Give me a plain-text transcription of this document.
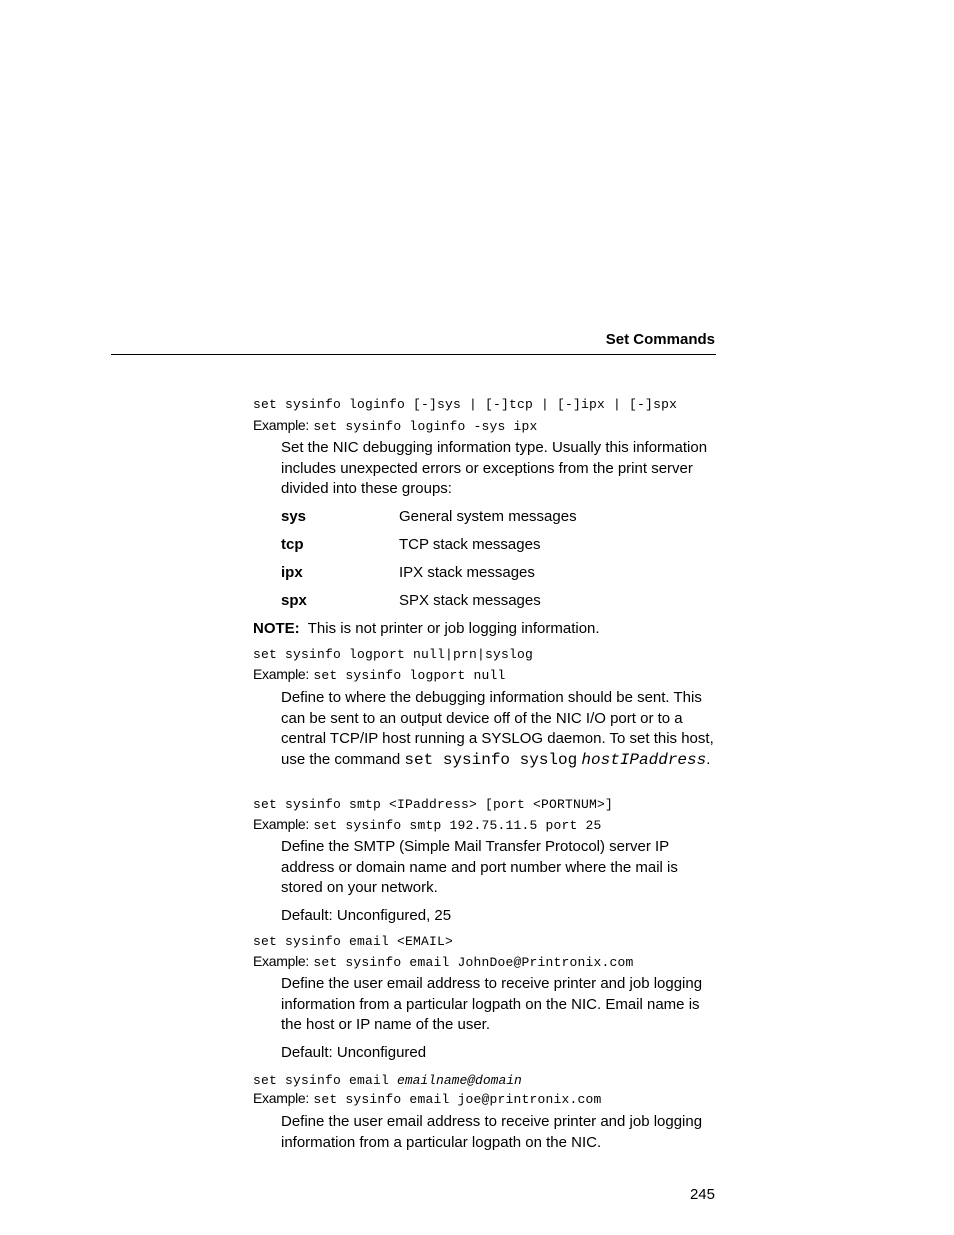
Set Commands
set sysinfo loginfo [-]sys | [-]tcp | [-]ipx | [-]spx
Example: set sysinfo loginfo -sys ipx
Set the NIC debugging information type. Usually this information includes unexpected errors or exceptions from the print server divided into these groups:
sys	General system messages
tcp	TCP stack messages
ipx	IPX stack messages
spx	SPX stack messages
NOTE: This is not printer or job logging information.
set sysinfo logport null|prn|syslog
Example: set sysinfo logport null
Define to where the debugging information should be sent. This can be sent to an output device off of the NIC I/O port or to a central TCP/IP host running a SYSLOG daemon. To set this host, use the command set sysinfo syslog hostIPaddress.
set sysinfo smtp <IPaddress> [port <PORTNUM>]
Example: set sysinfo smtp 192.75.11.5 port 25
Define the SMTP (Simple Mail Transfer Protocol) server IP address or domain name and port number where the mail is stored on your network.
Default: Unconfigured, 25
set sysinfo email <EMAIL>
Example: set sysinfo email JohnDoe@Printronix.com
Define the user email address to receive printer and job logging information from a particular logpath on the NIC. Email name is the host or IP name of the user.
Default: Unconfigured
set sysinfo email emailname@domain
Example: set sysinfo email joe@printronix.com
Define the user email address to receive printer and job logging information from a particular logpath on the NIC.
245
